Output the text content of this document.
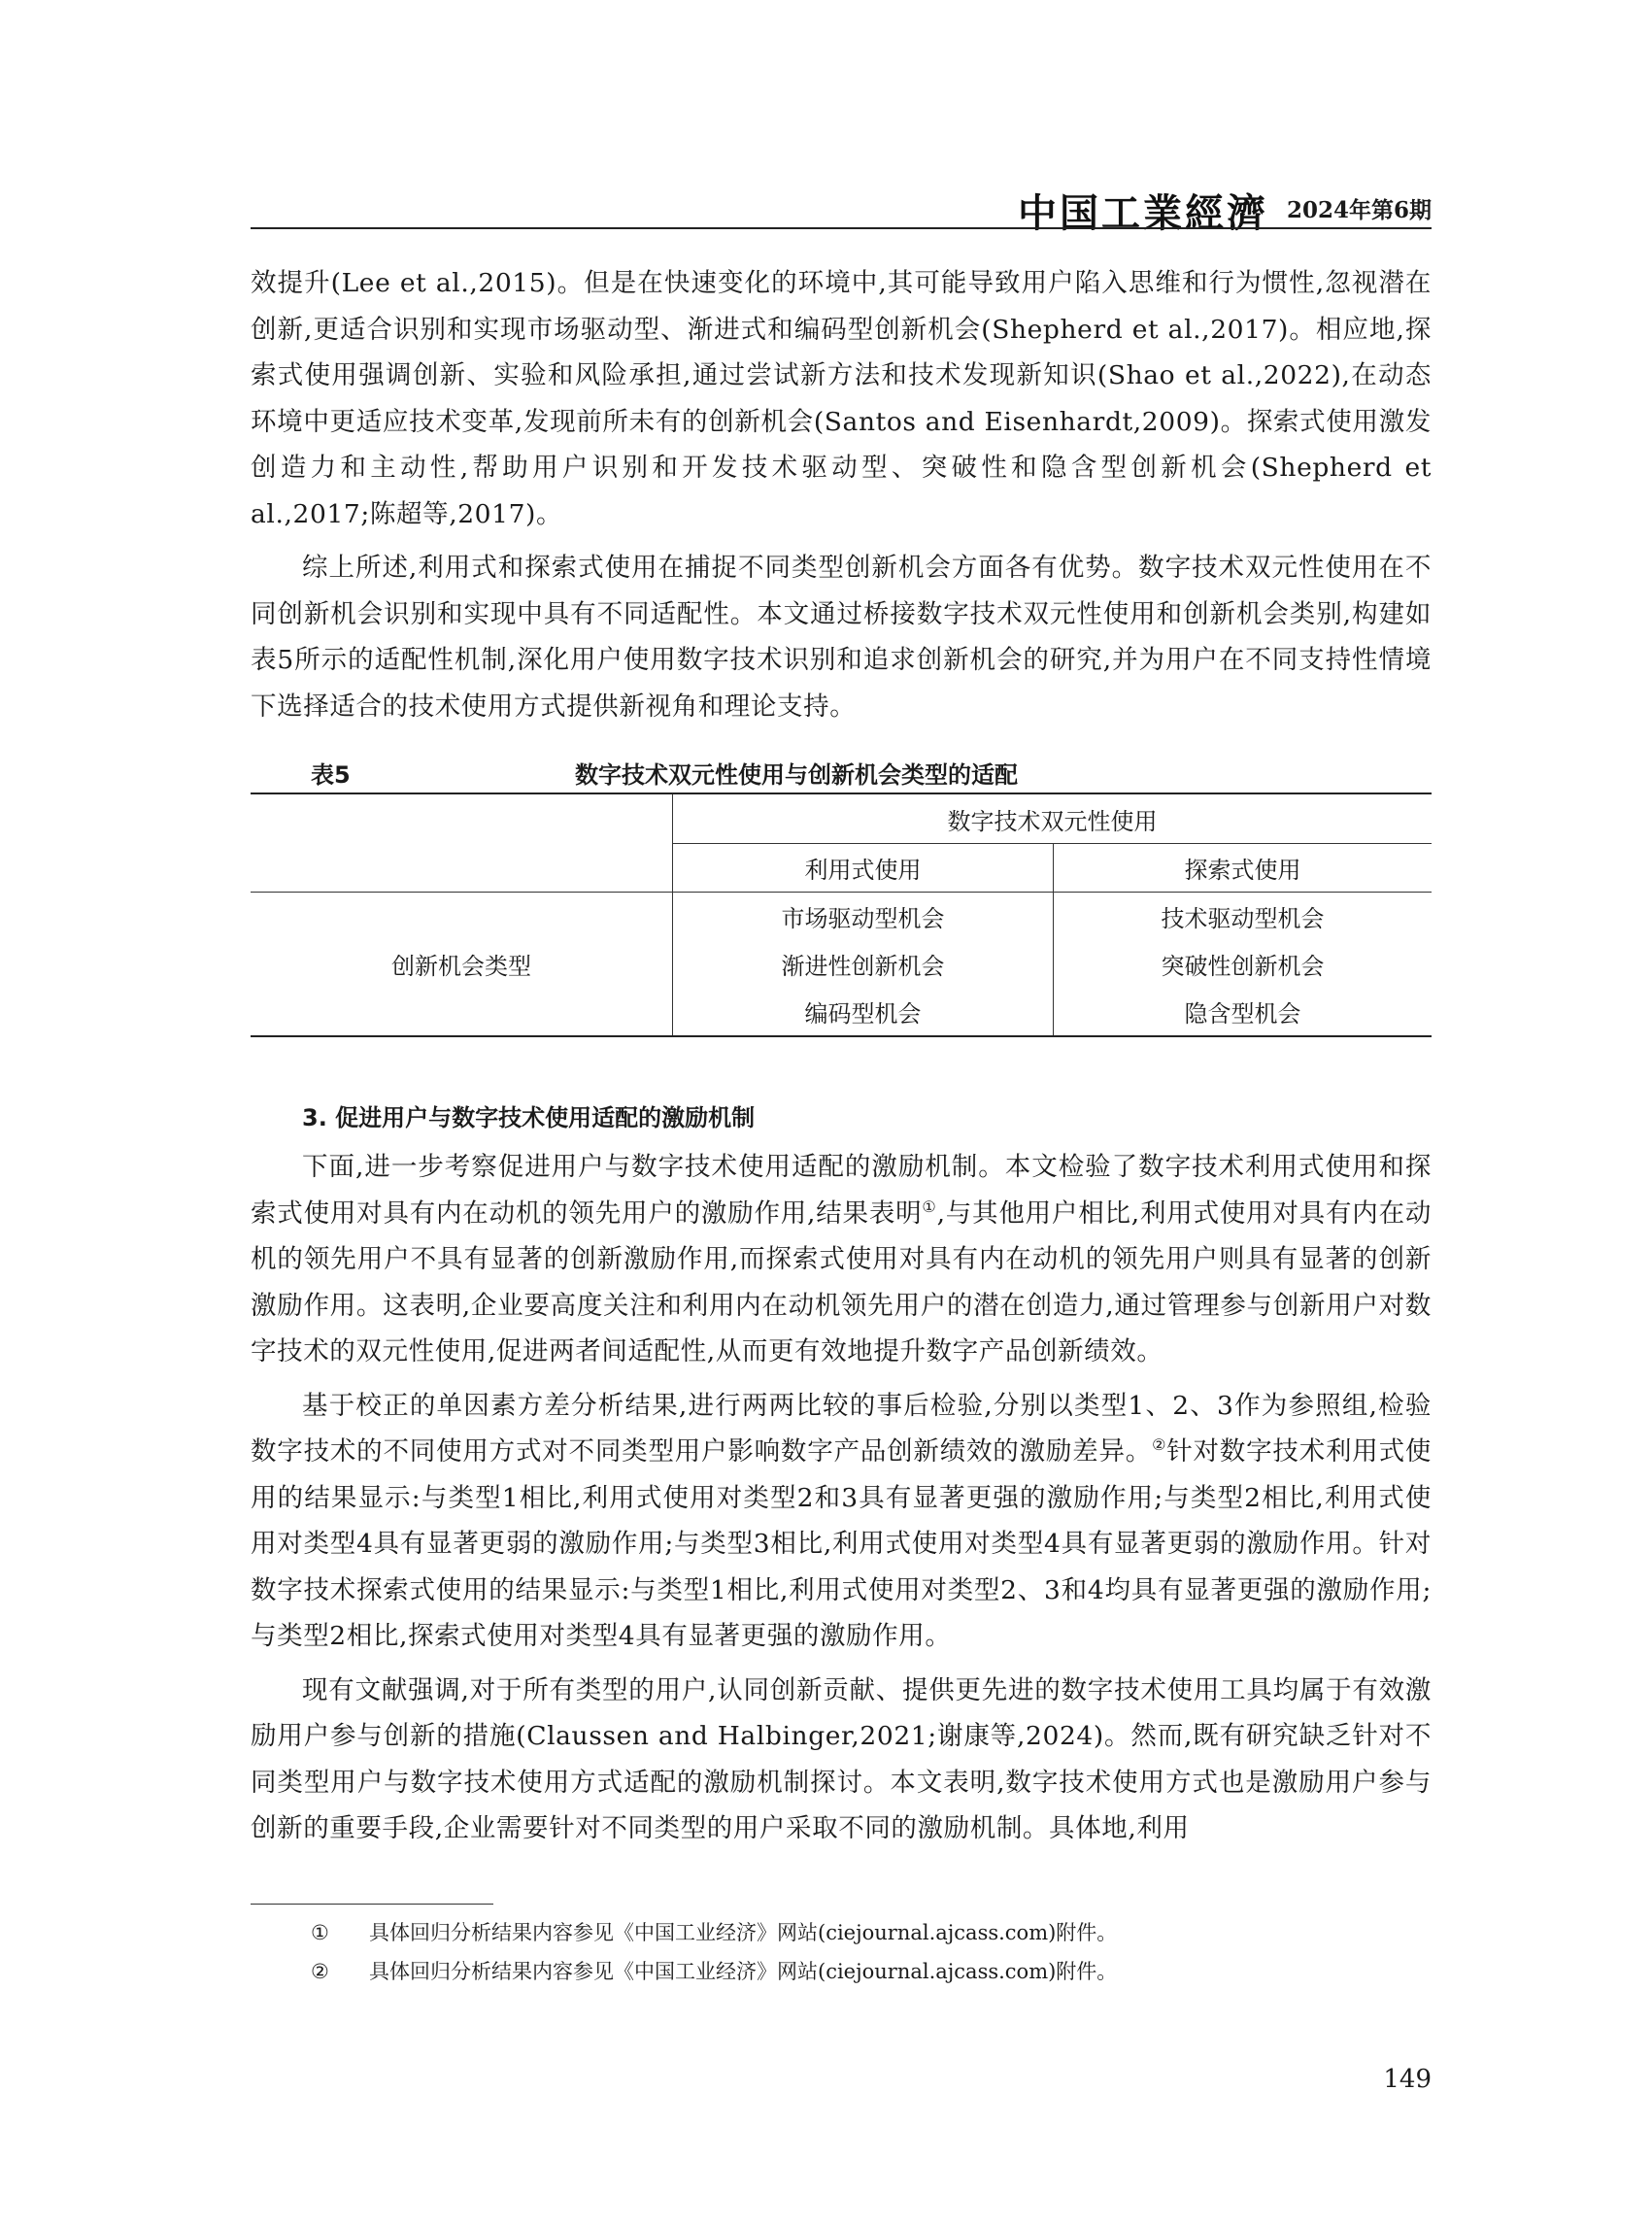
中国工業經濟 2024年第6期

效提升(Lee et al.,2015)。但是在快速变化的环境中,其可能导致用户陷入思维和行为惯性,忽视潜在创新,更适合识别和实现市场驱动型、渐进式和编码型创新机会(Shepherd et al.,2017)。相应地,探索式使用强调创新、实验和风险承担,通过尝试新方法和技术发现新知识(Shao et al.,2022),在动态环境中更适应技术变革,发现前所未有的创新机会(Santos and Eisenhardt,2009)。探索式使用激发创造力和主动性,帮助用户识别和开发技术驱动型、突破性和隐含型创新机会(Shepherd et al.,2017;陈超等,2017)。

综上所述,利用式和探索式使用在捕捉不同类型创新机会方面各有优势。数字技术双元性使用在不同创新机会识别和实现中具有不同适配性。本文通过桥接数字技术双元性使用和创新机会类别,构建如表5所示的适配性机制,深化用户使用数字技术识别和追求创新机会的研究,并为用户在不同支持性情境下选择适合的技术使用方式提供新视角和理论支持。

表5	数字技术双元性使用与创新机会类型的适配
	数字技术双元性使用	
	利用式使用	探索式使用
创新机会类型	市场驱动型机会	技术驱动型机会
	渐进性创新机会	突破性创新机会
	编码型机会	隐含型机会
3. 促进用户与数字技术使用适配的激励机制

下面,进一步考察促进用户与数字技术使用适配的激励机制。本文检验了数字技术利用式使用和探索式使用对具有内在动机的领先用户的激励作用,结果表明①,与其他用户相比,利用式使用对具有内在动机的领先用户不具有显著的创新激励作用,而探索式使用对具有内在动机的领先用户则具有显著的创新激励作用。这表明,企业要高度关注和利用内在动机领先用户的潜在创造力,通过管理参与创新用户对数字技术的双元性使用,促进两者间适配性,从而更有效地提升数字产品创新绩效。

基于校正的单因素方差分析结果,进行两两比较的事后检验,分别以类型1、2、3作为参照组,检验数字技术的不同使用方式对不同类型用户影响数字产品创新绩效的激励差异。②针对数字技术利用式使用的结果显示:与类型1相比,利用式使用对类型2和3具有显著更强的激励作用;与类型2相比,利用式使用对类型4具有显著更弱的激励作用;与类型3相比,利用式使用对类型4具有显著更弱的激励作用。针对数字技术探索式使用的结果显示:与类型1相比,利用式使用对类型2、3和4均具有显著更强的激励作用;与类型2相比,探索式使用对类型4具有显著更强的激励作用。

现有文献强调,对于所有类型的用户,认同创新贡献、提供更先进的数字技术使用工具均属于有效激励用户参与创新的措施(Claussen and Halbinger,2021;谢康等,2024)。然而,既有研究缺乏针对不同类型用户与数字技术使用方式适配的激励机制探讨。本文表明,数字技术使用方式也是激励用户参与创新的重要手段,企业需要针对不同类型的用户采取不同的激励机制。具体地,利用

① 具体回归分析结果内容参见《中国工业经济》网站(ciejournal.ajcass.com)附件。
② 具体回归分析结果内容参见《中国工业经济》网站(ciejournal.ajcass.com)附件。
149
